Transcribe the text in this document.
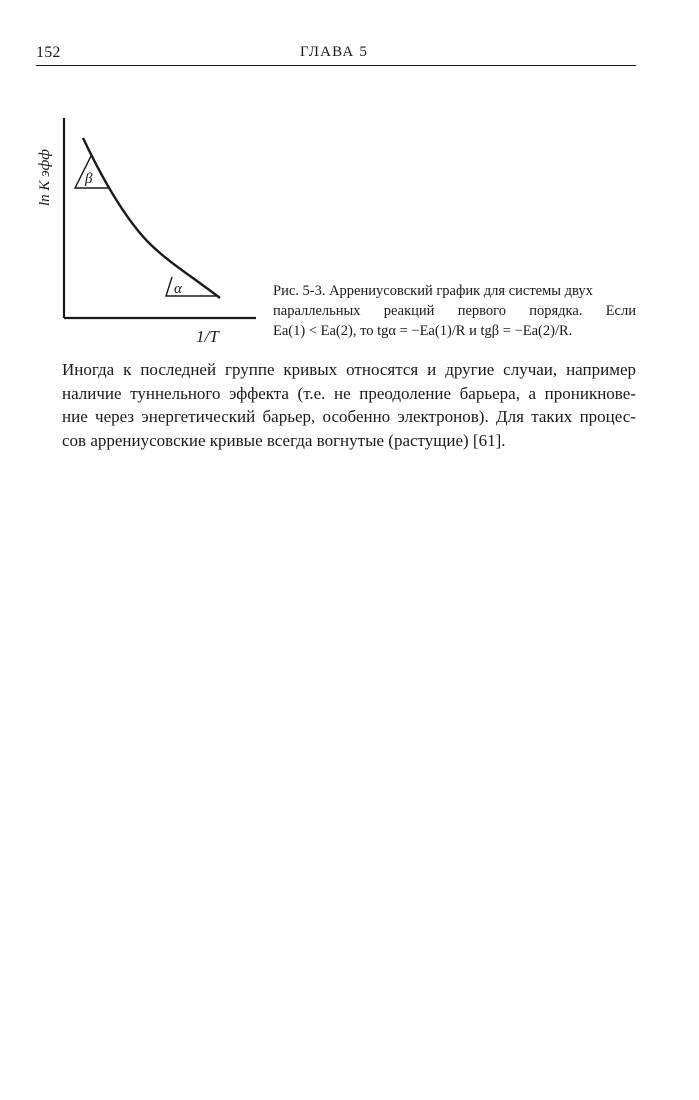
152	ГЛАВА 5
β
α
ln K эфф
1/T
Рис. 5-3. Аррениусовский график для системы двух
параллельных реакций первого порядка. Если
Ea(1) < Ea(2), то tgα = −Ea(1)/R и tgβ = −Ea(2)/R.
Иногда к последней группе кривых относятся и другие случаи, например
наличие туннельного эффекта (т.е. не преодоление барьера, а проникнове-
ние через энергетический барьер, особенно электронов). Для таких процес-
сов аррениусовские кривые всегда вогнутые (растущие) [61].
